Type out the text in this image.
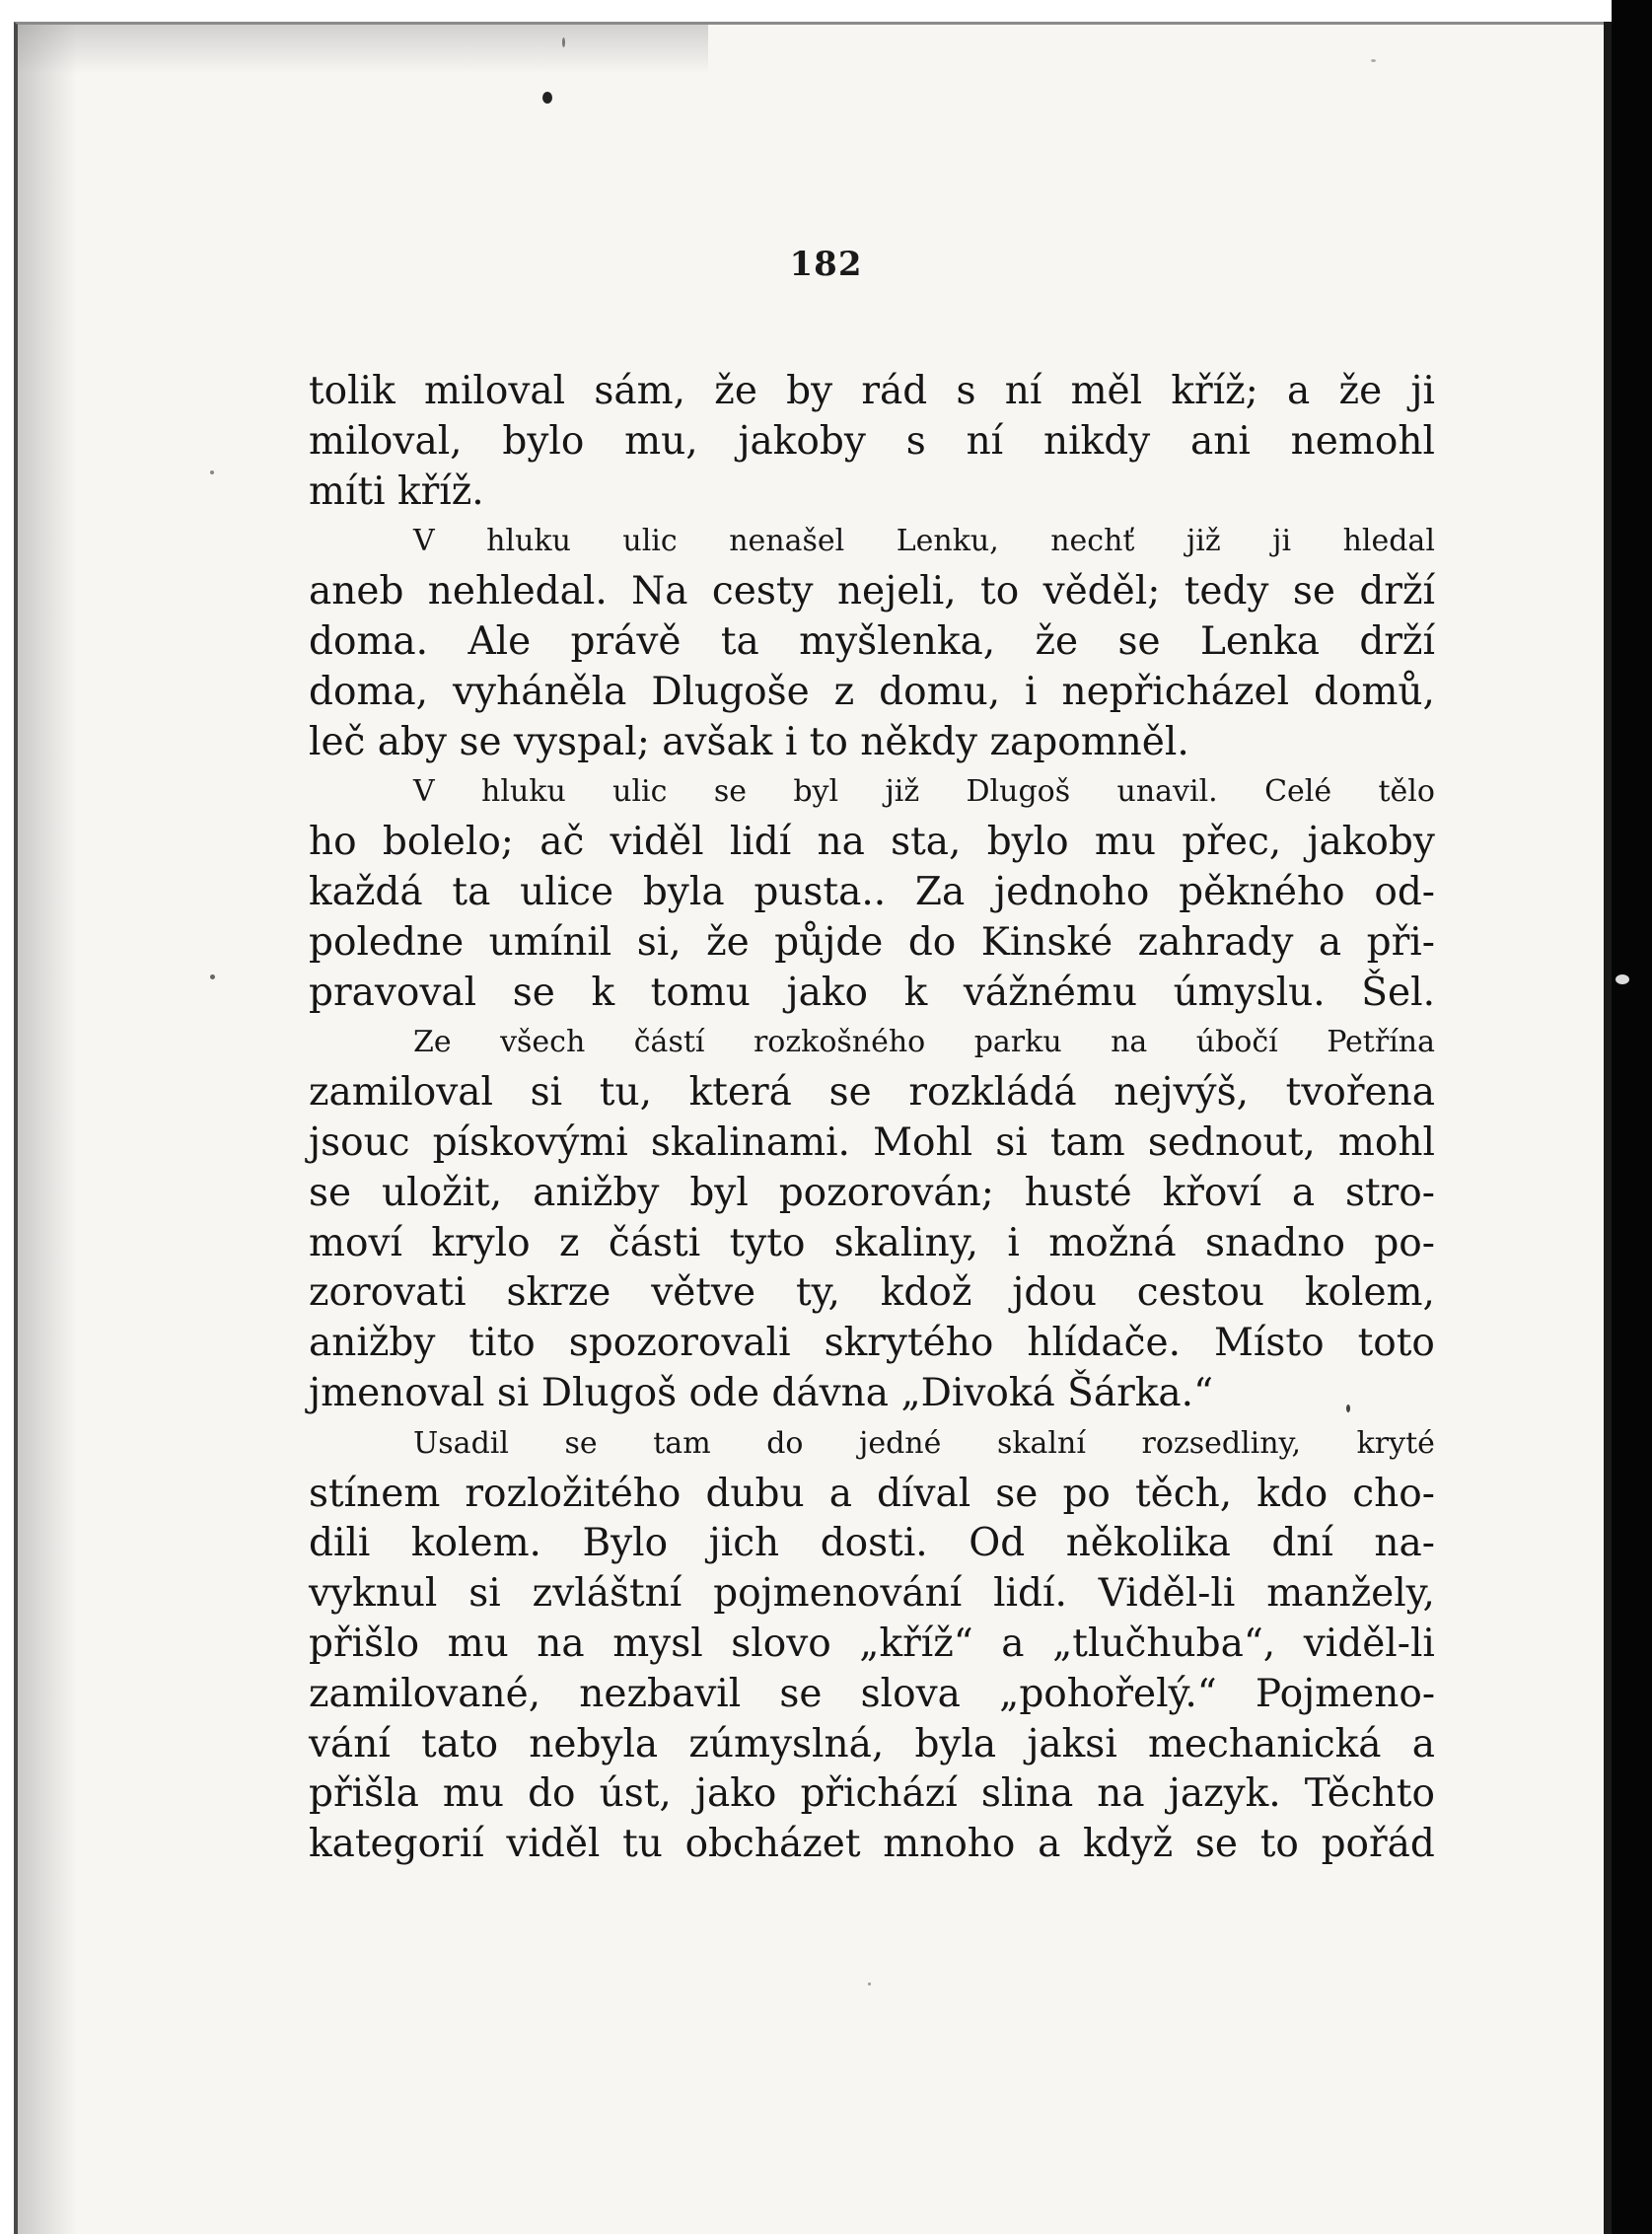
182
tolik miloval sám, že by rád s ní měl kříž; a že ji
miloval, bylo mu, jakoby s ní nikdy ani nemohl
míti kříž.
V hluku ulic nenašel Lenku, nechť již ji hledal
aneb nehledal. Na cesty nejeli, to věděl; tedy se drží
doma. Ale právě ta myšlenka, že se Lenka drží
doma, vyháněla Dlugoše z domu, i nepřicházel domů,
leč aby se vyspal; avšak i to někdy zapomněl.
V hluku ulic se byl již Dlugoš unavil. Celé tělo
ho bolelo; ač viděl lidí na sta, bylo mu přec, jakoby
každá ta ulice byla pusta.. Za jednoho pěkného od-
poledne umínil si, že půjde do Kinské zahrady a při-
pravoval se k tomu jako k vážnému úmyslu. Šel.
Ze všech částí rozkošného parku na úbočí Petřína
zamiloval si tu, která se rozkládá nejvýš, tvořena
jsouc pískovými skalinami. Mohl si tam sednout, mohl
se uložit, anižby byl pozorován; husté křoví a stro-
moví krylo z části tyto skaliny, i možná snadno po-
zorovati skrze větve ty, kdož jdou cestou kolem,
anižby tito spozorovali skrytého hlídače. Místo toto
jmenoval si Dlugoš ode dávna „Divoká Šárka.“
Usadil se tam do jedné skalní rozsedliny, kryté
stínem rozložitého dubu a díval se po těch, kdo cho-
dili kolem. Bylo jich dosti. Od několika dní na-
vyknul si zvláštní pojmenování lidí. Viděl-li manžely,
přišlo mu na mysl slovo „kříž“ a „tlučhuba“, viděl-li
zamilované, nezbavil se slova „pohořelý.“ Pojmeno-
vání tato nebyla zúmyslná, byla jaksi mechanická a
přišla mu do úst, jako přichází slina na jazyk. Těchto
kategorií viděl tu obcházet mnoho a když se to pořád
